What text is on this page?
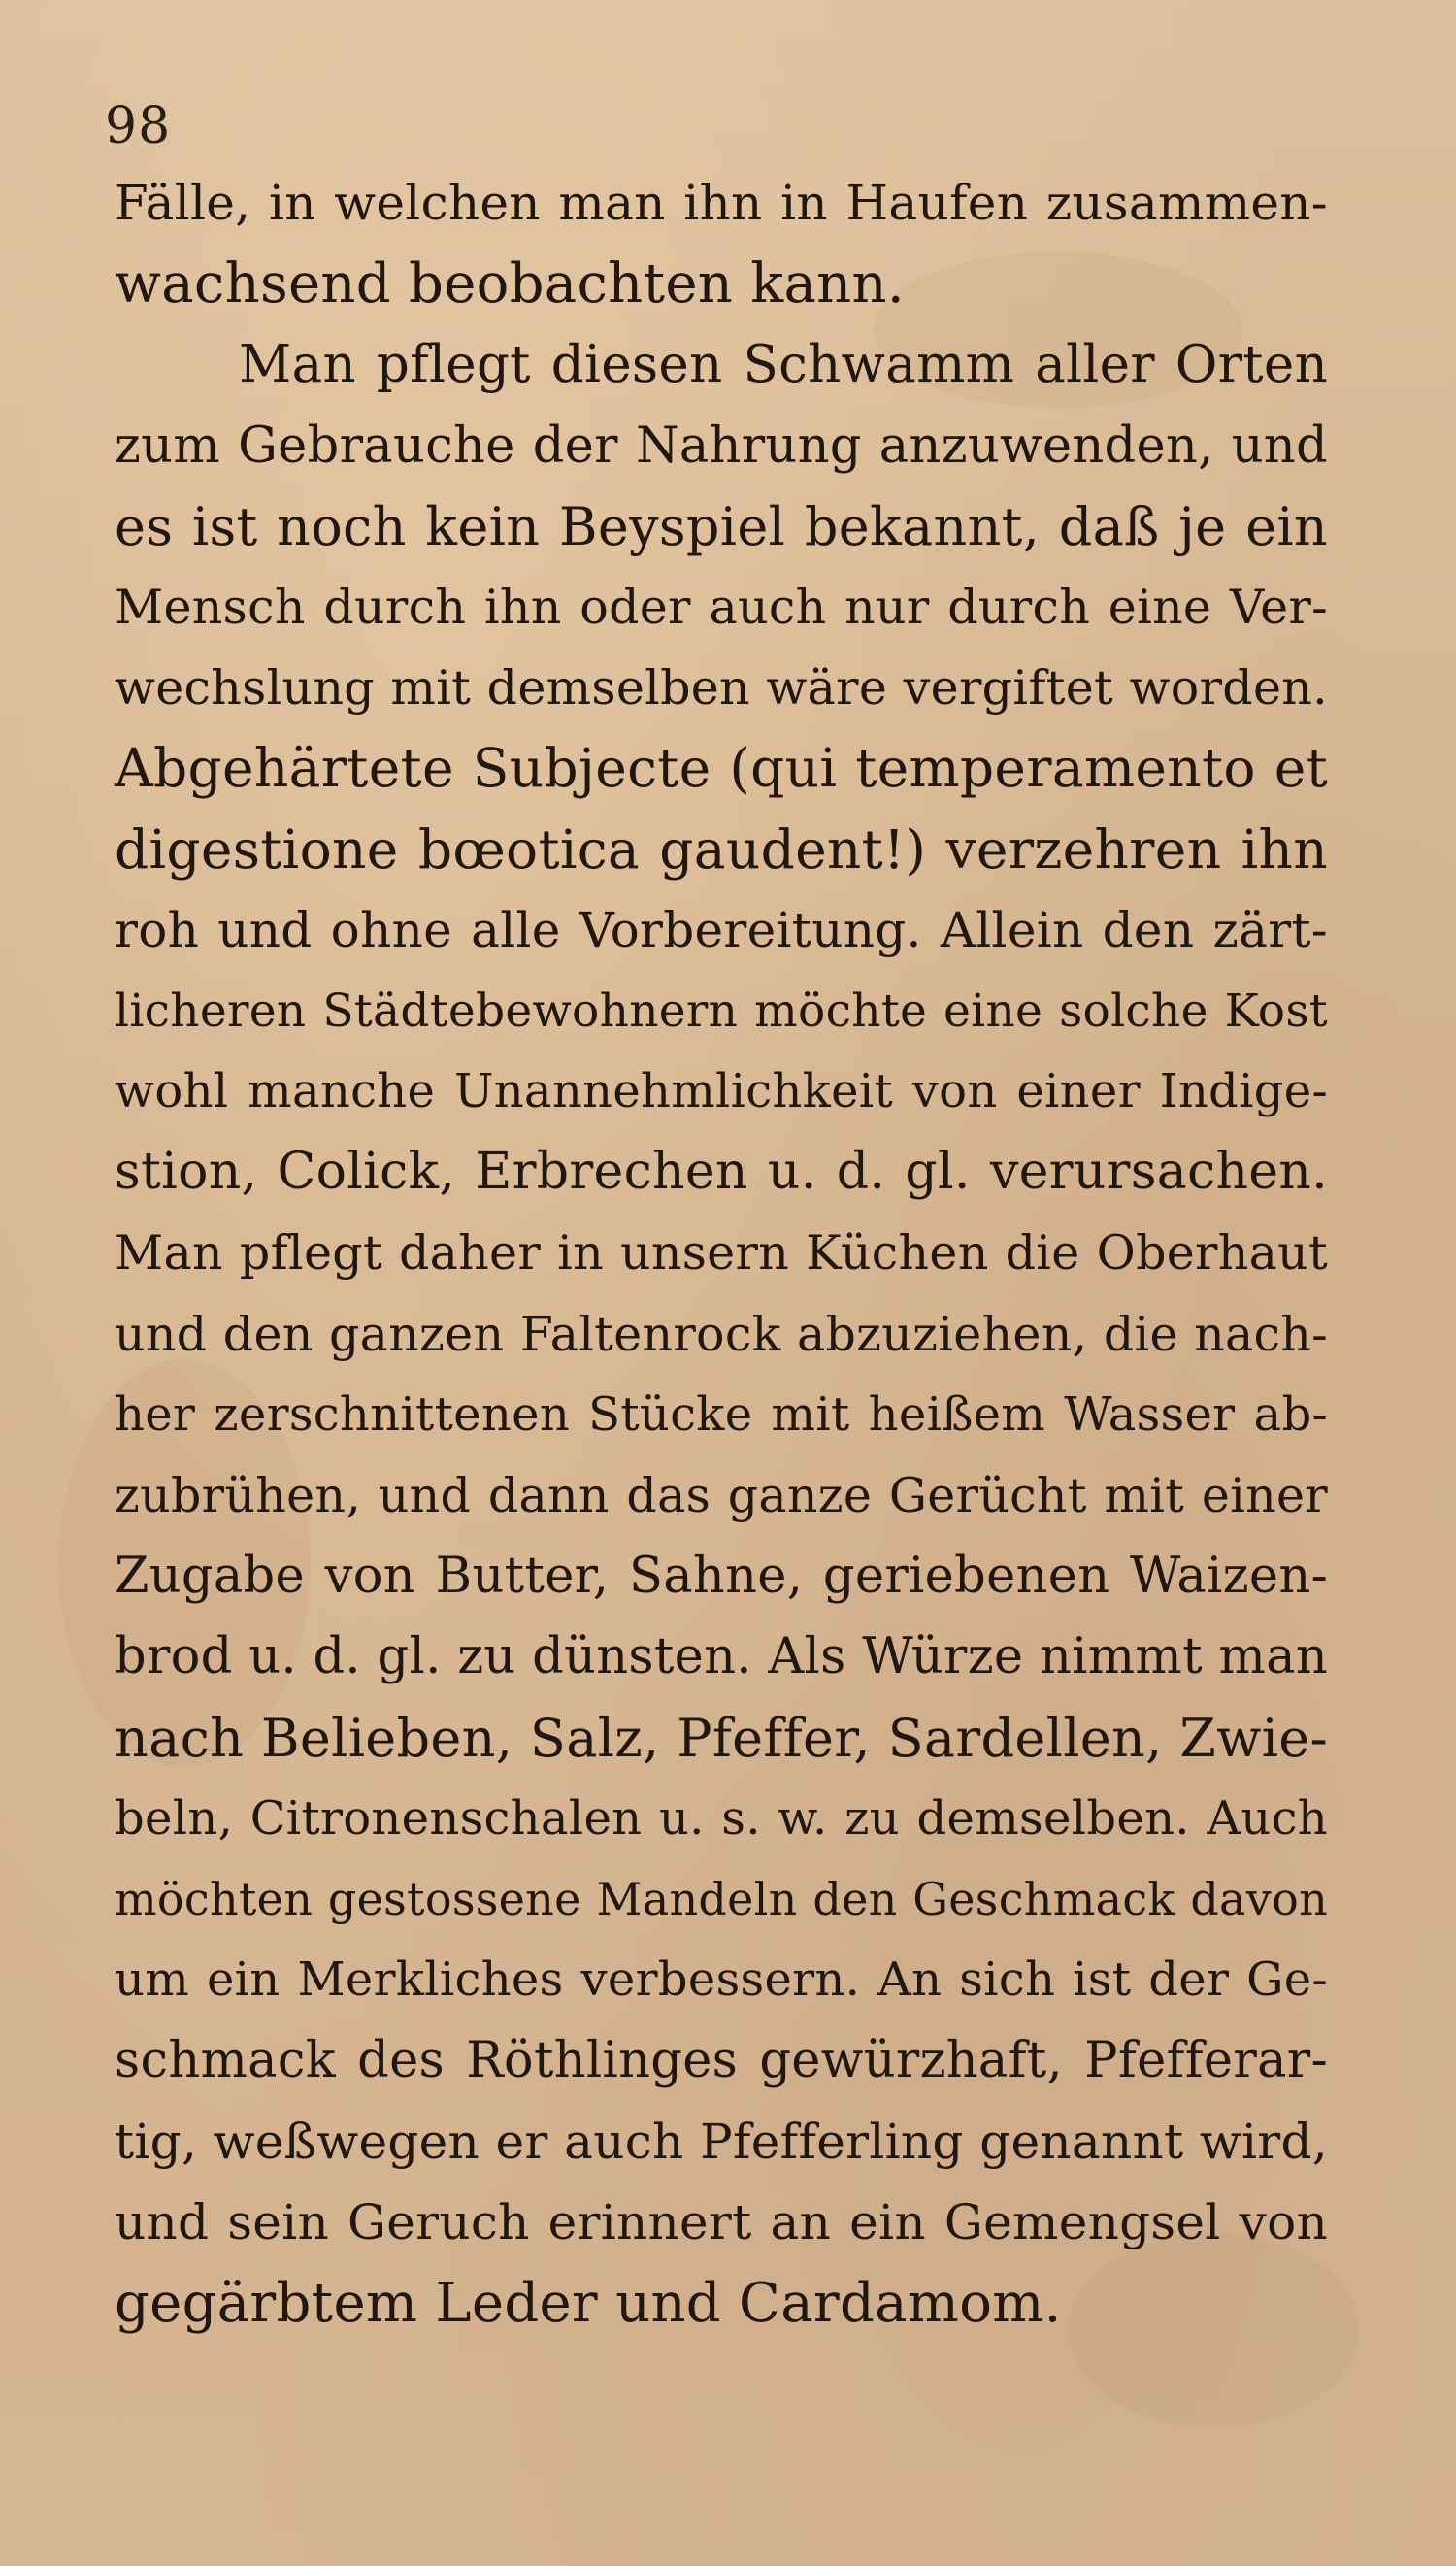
98
Fälle, in welchen man ihn in Haufen zusammen-
wachsend beobachten kann.
Man pflegt diesen Schwamm aller Orten
zum Gebrauche der Nahrung anzuwenden, und
es ist noch kein Beyspiel bekannt, daß je ein
Mensch durch ihn oder auch nur durch eine Ver-
wechslung mit demselben wäre vergiftet worden.
Abgehärtete Subjecte (qui temperamento et
digestione bœotica gaudent!) verzehren ihn
roh und ohne alle Vorbereitung. Allein den zärt-
licheren Städtebewohnern möchte eine solche Kost
wohl manche Unannehmlichkeit von einer Indige-
stion, Colick, Erbrechen u. d. gl. verursachen.
Man pflegt daher in unsern Küchen die Oberhaut
und den ganzen Faltenrock abzuziehen, die nach-
her zerschnittenen Stücke mit heißem Wasser ab-
zubrühen, und dann das ganze Gerücht mit einer
Zugabe von Butter, Sahne, geriebenen Waizen-
brod u. d. gl. zu dünsten. Als Würze nimmt man
nach Belieben, Salz, Pfeffer, Sardellen, Zwie-
beln, Citronenschalen u. s. w. zu demselben. Auch
möchten gestossene Mandeln den Geschmack davon
um ein Merkliches verbessern. An sich ist der Ge-
schmack des Röthlinges gewürzhaft, Pfefferar-
tig, weßwegen er auch Pfefferling genannt wird,
und sein Geruch erinnert an ein Gemengsel von
gegärbtem Leder und Cardamom.
